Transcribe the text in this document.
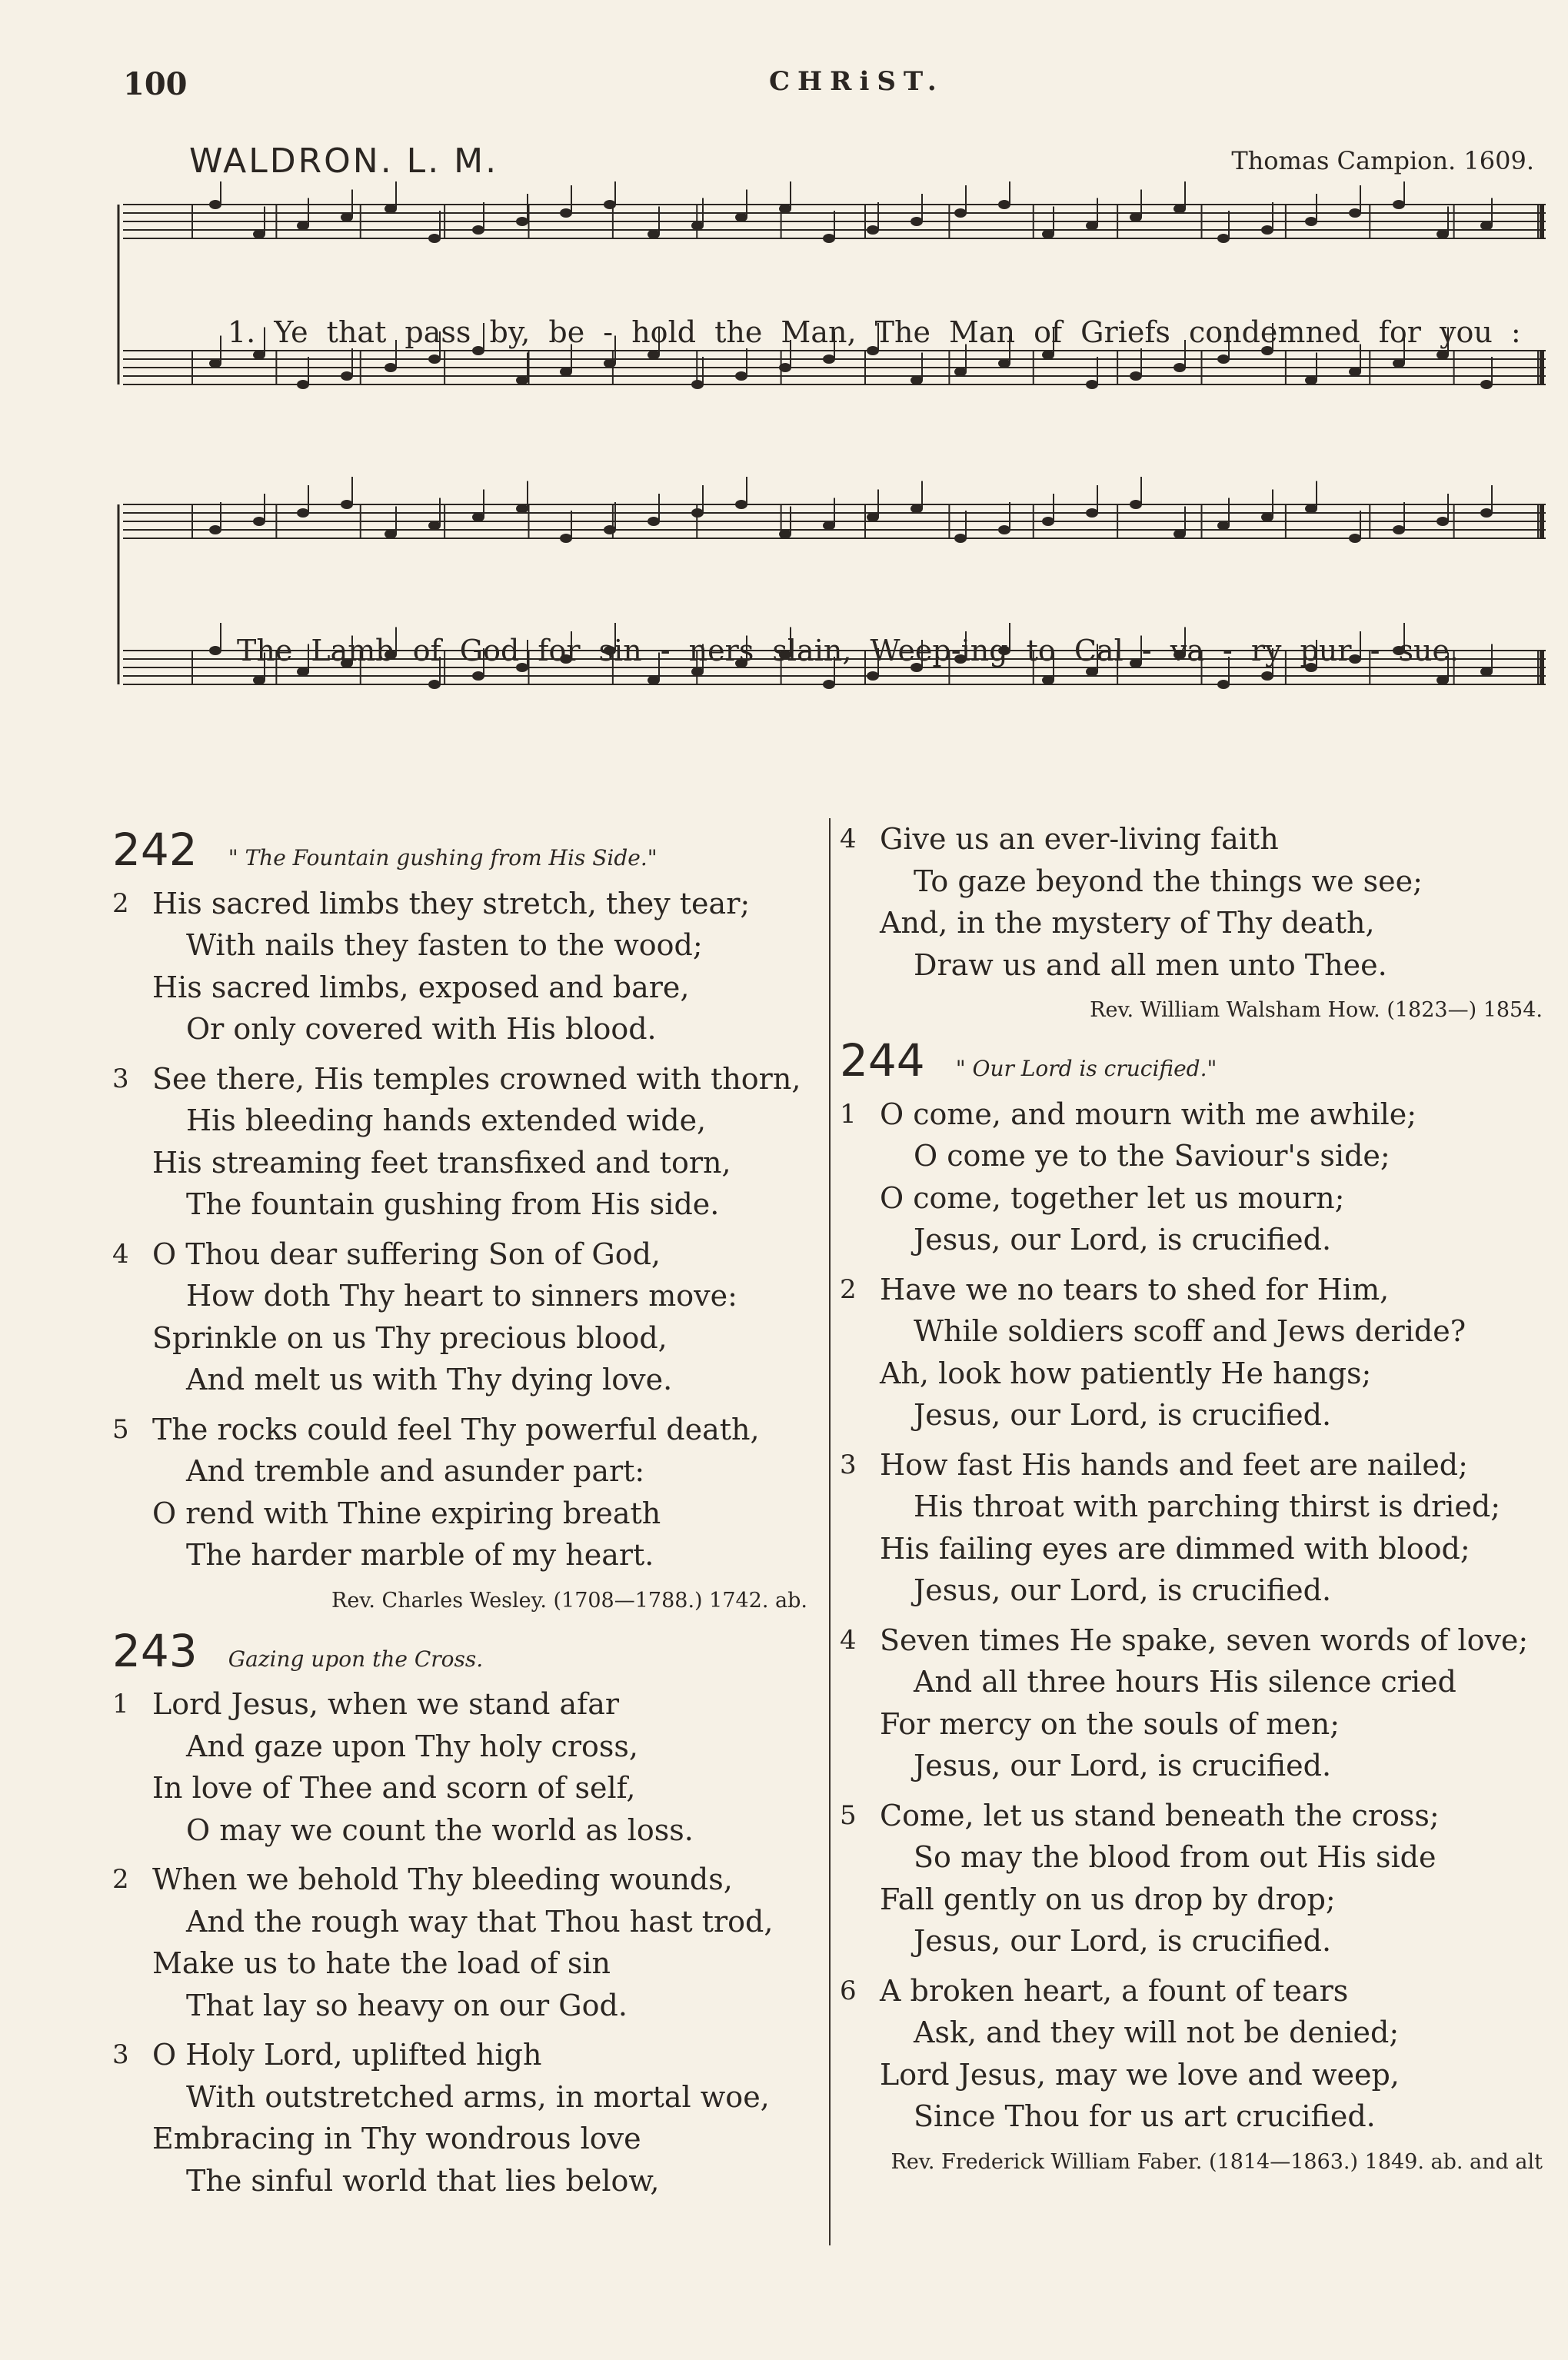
100	CHRiST.
WALDRON. L. M.	Thomas Campion. 1609.
1. Ye that pass by, be - hold the Man, The Man of Griefs condemned for you :
The Lamb of God for sin - ners slain, Weep-ing to Cal - va - ry pur - sue.
242 " The Fountain gushing from His Side."
2 His sacred limbs they stretch, they tear;
With nails they fasten to the wood;
His sacred limbs, exposed and bare,
Or only covered with His blood.
3 See there, His temples crowned with thorn,
His bleeding hands extended wide,
His streaming feet transfixed and torn,
The fountain gushing from His side.
4 O Thou dear suffering Son of God,
How doth Thy heart to sinners move:
Sprinkle on us Thy precious blood,
And melt us with Thy dying love.
5 The rocks could feel Thy powerful death,
And tremble and asunder part:
O rend with Thine expiring breath
The harder marble of my heart.
Rev. Charles Wesley. (1708—1788.) 1742. ab.
243 Gazing upon the Cross.
1 Lord Jesus, when we stand afar
And gaze upon Thy holy cross,
In love of Thee and scorn of self,
O may we count the world as loss.
2 When we behold Thy bleeding wounds,
And the rough way that Thou hast trod,
Make us to hate the load of sin
That lay so heavy on our God.
3 O Holy Lord, uplifted high
With outstretched arms, in mortal woe,
Embracing in Thy wondrous love
The sinful world that lies below,
4 Give us an ever-living faith
To gaze beyond the things we see;
And, in the mystery of Thy death,
Draw us and all men unto Thee.
Rev. William Walsham How. (1823—) 1854.
244 " Our Lord is crucified."
1 O come, and mourn with me awhile;
O come ye to the Saviour's side;
O come, together let us mourn;
Jesus, our Lord, is crucified.
2 Have we no tears to shed for Him,
While soldiers scoff and Jews deride?
Ah, look how patiently He hangs;
Jesus, our Lord, is crucified.
3 How fast His hands and feet are nailed;
His throat with parching thirst is dried;
His failing eyes are dimmed with blood;
Jesus, our Lord, is crucified.
4 Seven times He spake, seven words of love;
And all three hours His silence cried
For mercy on the souls of men;
Jesus, our Lord, is crucified.
5 Come, let us stand beneath the cross;
So may the blood from out His side
Fall gently on us drop by drop;
Jesus, our Lord, is crucified.
6 A broken heart, a fount of tears
Ask, and they will not be denied;
Lord Jesus, may we love and weep,
Since Thou for us art crucified.
Rev. Frederick William Faber. (1814—1863.) 1849. ab. and alt
